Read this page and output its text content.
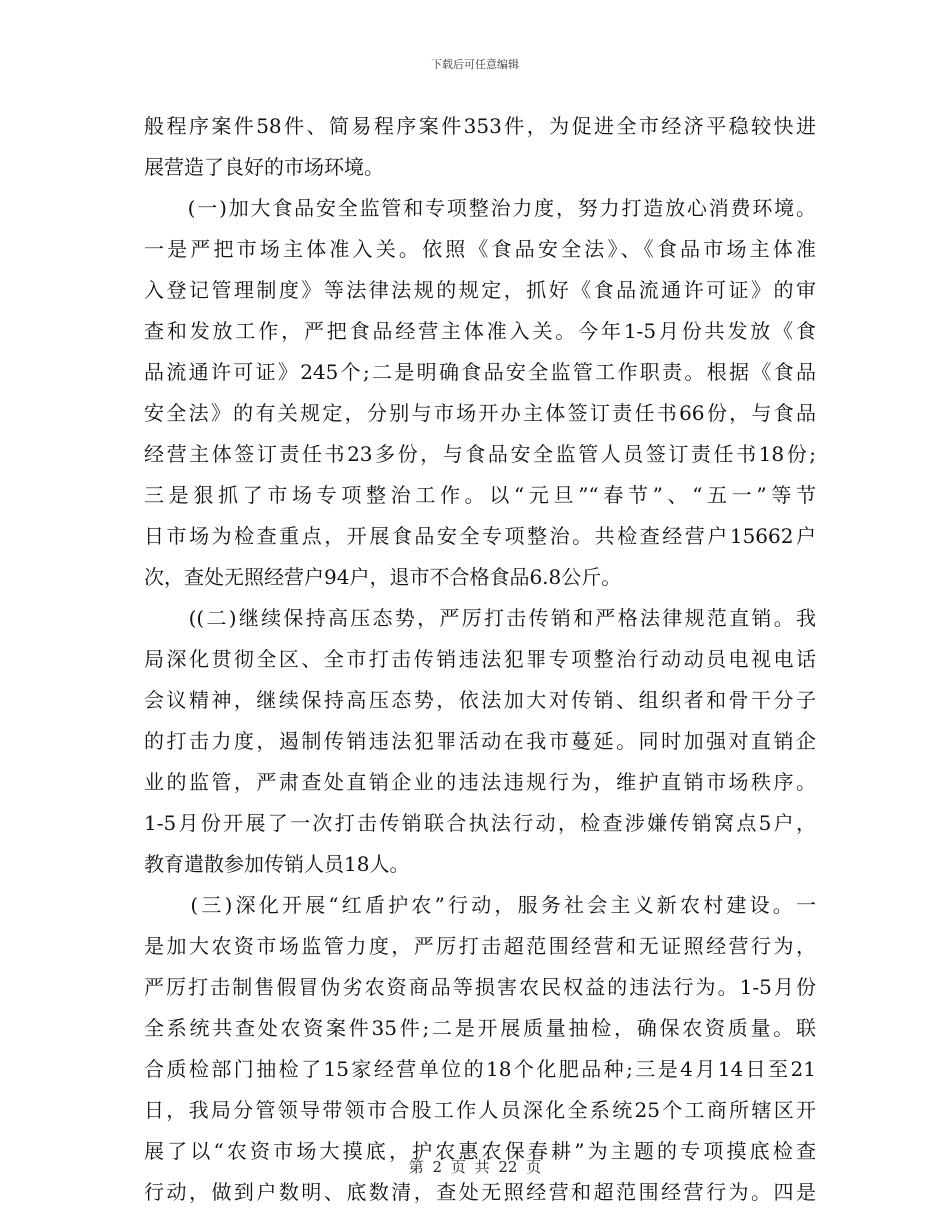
下载后可任意编辑
般程序案件58件、简易程序案件353件，为促进全市经济平稳较快进
展营造了良好的市场环境。
　　(一)加大食品安全监管和专项整治力度，努力打造放心消费环境。
一是严把市场主体准入关。依照《食品安全法》、《食品市场主体准
入登记管理制度》等法律法规的规定，抓好《食品流通许可证》的审
查和发放工作，严把食品经营主体准入关。今年1-5月份共发放《食
品流通许可证》245个;二是明确食品安全监管工作职责。根据《食品
安全法》的有关规定，分别与市场开办主体签订责任书66份，与食品
经营主体签订责任书23多份，与食品安全监管人员签订责任书18份;
三是狠抓了市场专项整治工作。以“元旦”“春节”、“五一”等节
日市场为检查重点，开展食品安全专项整治。共检查经营户15662户
次，查处无照经营户94户，退市不合格食品6.8公斤。
　　((二)继续保持高压态势，严厉打击传销和严格法律规范直销。我
局深化贯彻全区、全市打击传销违法犯罪专项整治行动动员电视电话
会议精神，继续保持高压态势，依法加大对传销、组织者和骨干分子
的打击力度，遏制传销违法犯罪活动在我市蔓延。同时加强对直销企
业的监管，严肃查处直销企业的违法违规行为，维护直销市场秩序。
1-5月份开展了一次打击传销联合执法行动，检查涉嫌传销窝点5户，
教育遣散参加传销人员18人。
　　(三)深化开展“红盾护农”行动，服务社会主义新农村建设。一
是加大农资市场监管力度，严厉打击超范围经营和无证照经营行为，
严厉打击制售假冒伪劣农资商品等损害农民权益的违法行为。1-5月份
全系统共查处农资案件35件;二是开展质量抽检，确保农资质量。联
合质检部门抽检了15家经营单位的18个化肥品种;三是4月14日至21
日，我局分管领导带领市合股工作人员深化全系统25个工商所辖区开
展了以“农资市场大摸底，护农惠农保春耕”为主题的专项摸底检查
行动，做到户数明、底数清，查处无照经营和超范围经营行为。四是
第 2 页 共 22 页
